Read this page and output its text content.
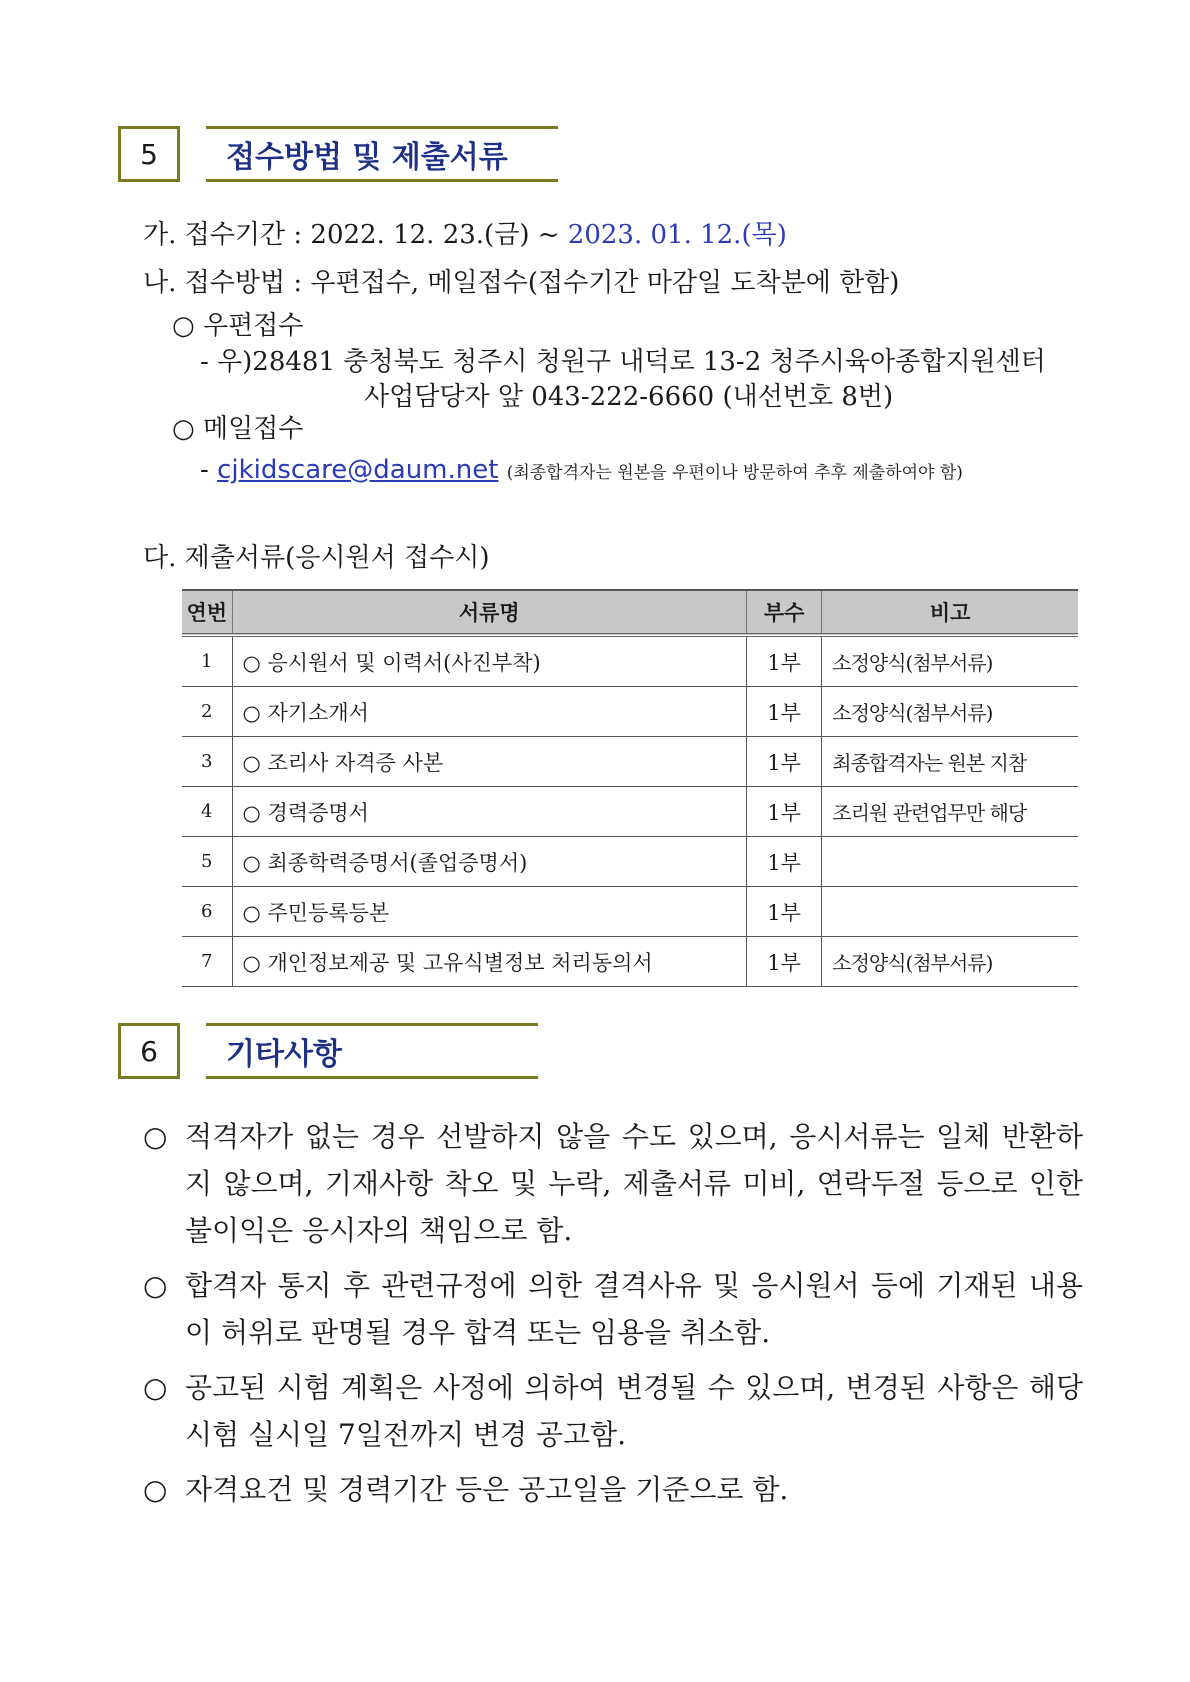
5	접수방법 및 제출서류
가. 접수기간 : 2022. 12. 23.(금) ~ 2023. 01. 12.(목)
나. 접수방법 : 우편접수, 메일접수(접수기간 마감일 도착분에 한함)
○ 우편접수
- 우)28481 충청북도 청주시 청원구 내덕로 13-2 청주시육아종합지원센터
사업담당자 앞 043-222-6660 (내선번호 8번)
○ 메일접수
- cjkidscare@daum.net (최종합격자는 원본을 우편이나 방문하여 추후 제출하여야 함)
다. 제출서류(응시원서 접수시)
연번	서류명	부수	비고
1	○ 응시원서 및 이력서(사진부착)	1부	소정양식(첨부서류)
2	○ 자기소개서	1부	소정양식(첨부서류)
3	○ 조리사 자격증 사본	1부	최종합격자는 원본 지참
4	○ 경력증명서	1부	조리원 관련업무만 해당
5	○ 최종학력증명서(졸업증명서)	1부	
6	○ 주민등록등본	1부	
7	○ 개인정보제공 및 고유식별정보 처리동의서	1부	소정양식(첨부서류)
6	기타사항
○ 적격자가 없는 경우 선발하지 않을 수도 있으며, 응시서류는 일체 반환하지 않으며, 기재사항 착오 및 누락, 제출서류 미비, 연락두절 등으로 인한 불이익은 응시자의 책임으로 함.
○ 합격자 통지 후 관련규정에 의한 결격사유 및 응시원서 등에 기재된 내용이 허위로 판명될 경우 합격 또는 임용을 취소함.
○ 공고된 시험 계획은 사정에 의하여 변경될 수 있으며, 변경된 사항은 해당 시험 실시일 7일전까지 변경 공고함.
○ 자격요건 및 경력기간 등은 공고일을 기준으로 함.
